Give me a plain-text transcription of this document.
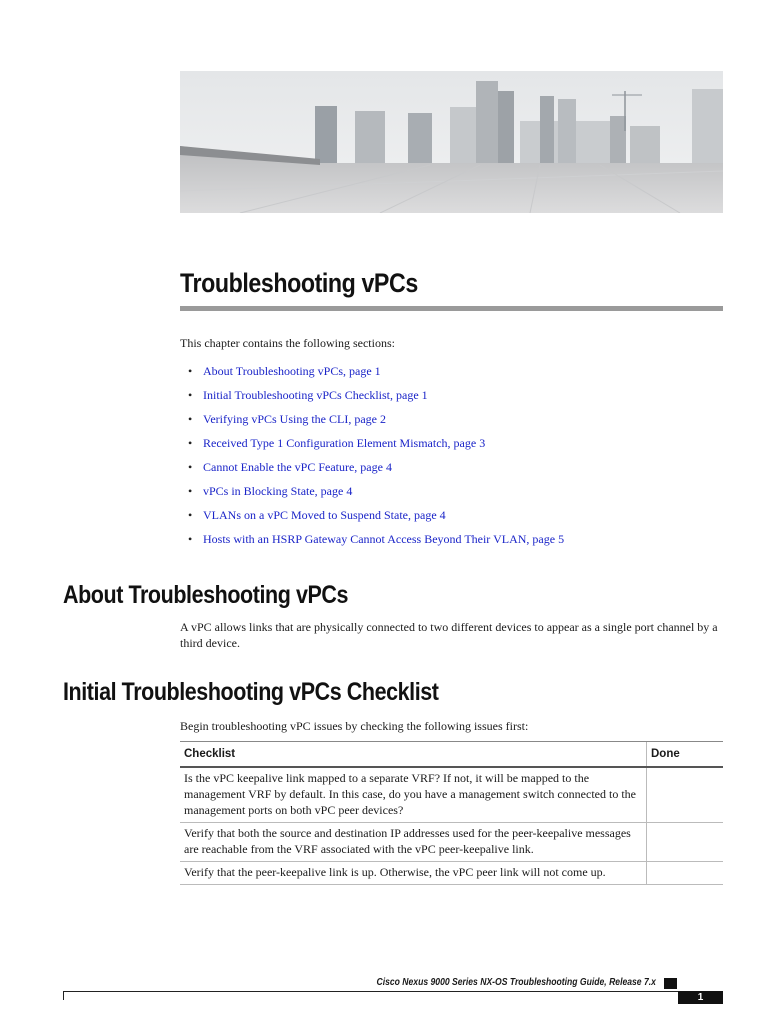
Troubleshooting vPCs

This chapter contains the following sections:

• About Troubleshooting vPCs, page 1
• Initial Troubleshooting vPCs Checklist, page 1
• Verifying vPCs Using the CLI, page 2
• Received Type 1 Configuration Element Mismatch, page 3
• Cannot Enable the vPC Feature, page 4
• vPCs in Blocking State, page 4
• VLANs on a vPC Moved to Suspend State, page 4
• Hosts with an HSRP Gateway Cannot Access Beyond Their VLAN, page 5
About Troubleshooting vPCs

A vPC allows links that are physically connected to two different devices to appear as a single port channel by a third device.

Initial Troubleshooting vPCs Checklist

Begin troubleshooting vPC issues by checking the following issues first:

Checklist	Done
Is the vPC keepalive link mapped to a separate VRF? If not, it will be mapped to the management VRF by default. In this case, do you have a management switch connected to the management ports on both vPC peer devices?	
Verify that both the source and destination IP addresses used for the peer-keepalive messages are reachable from the VRF associated with the vPC peer-keepalive link.	
Verify that the peer-keepalive link is up. Otherwise, the vPC peer link will not come up.	
Cisco Nexus 9000 Series NX-OS Troubleshooting Guide, Release 7.x
1
